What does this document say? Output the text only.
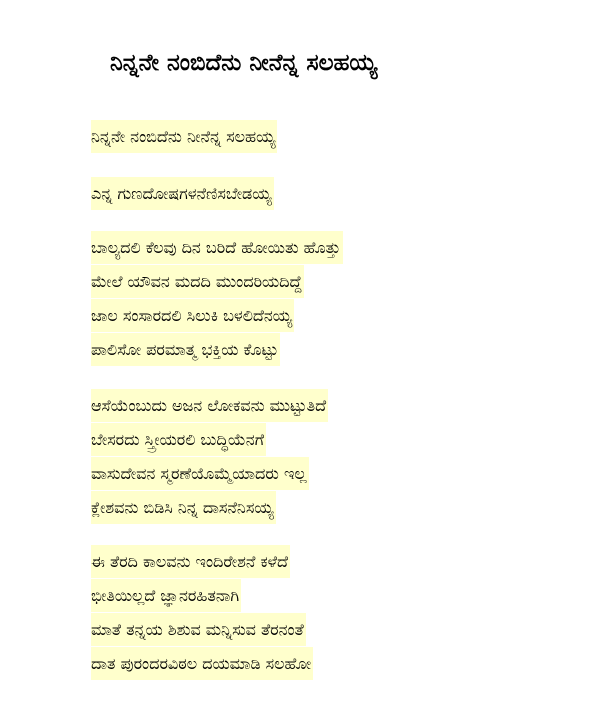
ನಿನ್ನನೇ ನಂಬಿದೆನು ನೀನೆನ್ನ ಸಲಹಯ್ಯ
ನಿನ್ನನೇ ನಂಬಿದೆನು ನೀನೆನ್ನ ಸಲಹಯ್ಯ
ಎನ್ನ ಗುಣದೋಷಗಳನೆಣಿಸಬೇಡಯ್ಯ
ಬಾಲ್ಯದಲಿ ಕೆಲವು ದಿನ ಬರಿದೆ ಹೋಯಿತು ಹೊತ್ತು
ಮೇಲೆ ಯೌವನ ಮದದಿ ಮುಂದರಿಯದಿದ್ದೆ
ಜಾಲ ಸಂಸಾರದಲಿ ಸಿಲುಕಿ ಬಳಲಿದೆನಯ್ಯ
ಪಾಲಿಸೋ ಪರಮಾತ್ಮ ಭಕ್ತಿಯ ಕೊಟ್ಟು
ಆಸೆಯೆಂಬುದು ಅಜನ ಲೋಕವನು ಮುಟ್ಟುತಿದೆ
ಬೇಸರದು ಸ್ತ್ರೀಯರಲಿ ಬುದ್ಧಿಯೆನಗೆ
ವಾಸುದೇವನ ಸ್ಮರಣೆಯೊಮ್ಮೆಯಾದರು ಇಲ್ಲ
ಕ್ಲೇಶವನು ಬಿಡಿಸಿ ನಿನ್ನ ದಾಸನೆನಿಸಯ್ಯ
ಈ ತೆರದಿ ಕಾಲವನು ಇಂದಿರೇಶನೆ ಕಳೆದೆ
ಭೀತಿಯಿಲ್ಲದೆ ಜ್ಞಾನರಹಿತನಾಗಿ
ಮಾತೆ ತನ್ನಯ ಶಿಶುವ ಮನ್ನಿಸುವ ತೆರನಂತೆ
ದಾತ ಪುರಂದರವಿಠಲ ದಯಮಾಡಿ ಸಲಹೋ
